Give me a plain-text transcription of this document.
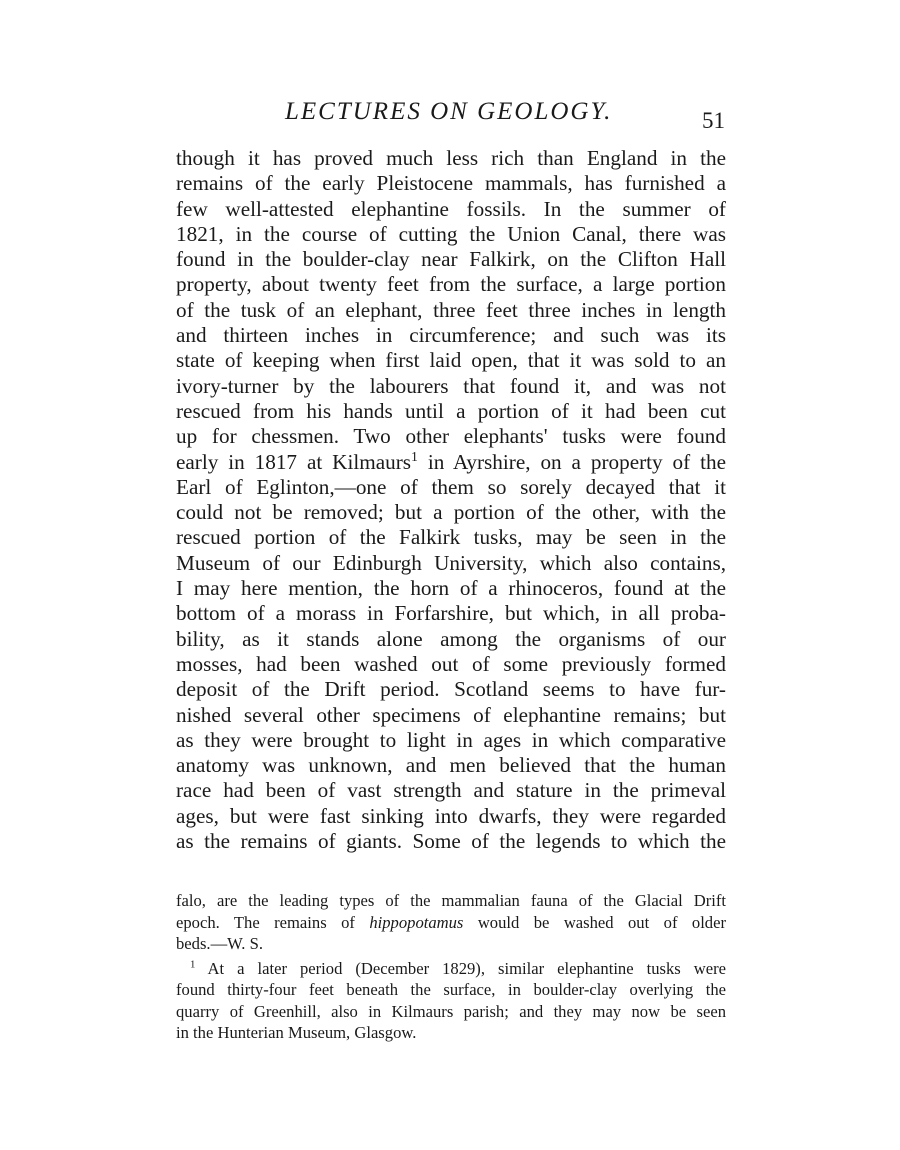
LECTURES ON GEOLOGY.	51
though it has proved much less rich than England in the
remains of the early Pleistocene mammals, has furnished a
few well-attested elephantine fossils. In the summer of
1821, in the course of cutting the Union Canal, there was
found in the boulder-clay near Falkirk, on the Clifton Hall
property, about twenty feet from the surface, a large portion
of the tusk of an elephant, three feet three inches in length
and thirteen inches in circumference; and such was its
state of keeping when first laid open, that it was sold to an
ivory-turner by the labourers that found it, and was not
rescued from his hands until a portion of it had been cut
up for chessmen. Two other elephants' tusks were found
early in 1817 at Kilmaurs$^1$ in Ayrshire, on a property of the
Earl of Eglinton,—one of them so sorely decayed that it
could not be removed; but a portion of the other, with the
rescued portion of the Falkirk tusks, may be seen in the
Museum of our Edinburgh University, which also contains,
I may here mention, the horn of a rhinoceros, found at the
bottom of a morass in Forfarshire, but which, in all proba-
bility, as it stands alone among the organisms of our
mosses, had been washed out of some previously formed
deposit of the Drift period. Scotland seems to have fur-
nished several other specimens of elephantine remains; but
as they were brought to light in ages in which comparative
anatomy was unknown, and men believed that the human
race had been of vast strength and stature in the primeval
ages, but were fast sinking into dwarfs, they were regarded
as the remains of giants. Some of the legends to which the
falo, are the leading types of the mammalian fauna of the Glacial Drift
epoch. The remains of hippopotamus would be washed out of older
beds.—W. S.
$^1$ At a later period (December 1829), similar elephantine tusks were
found thirty-four feet beneath the surface, in boulder-clay overlying the
quarry of Greenhill, also in Kilmaurs parish; and they may now be seen
in the Hunterian Museum, Glasgow.
